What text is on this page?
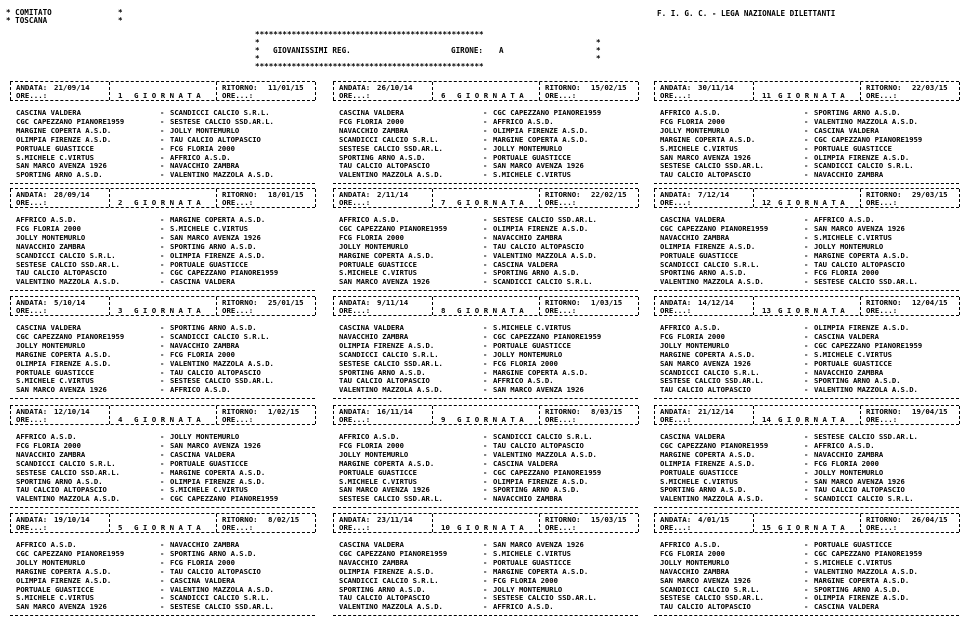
* COMITATO	*
* TOSCANA	*
F. I. G. C. - LEGA NAZIONALE DILETTANTI
**************************************************
*	*
*	*
*	*
**************************************************
GIOVANISSIMI REG.	GIRONE: A
ANDATA: 21/09/14
ORE...:
RITORNO: 11/01/15
ORE...:
1 G I O R N A T A
CASCINA VALDERA	- SCANDICCI CALCIO S.R.L.
CGC CAPEZZANO PIANORE1959	- SESTESE CALCIO SSD.AR.L.
MARGINE COPERTA A.S.D.	- JOLLY MONTEMURLO
OLIMPIA FIRENZE A.S.D.	- TAU CALCIO ALTOPASCIO
PORTUALE GUASTICCE	- FCG FLORIA 2000
S.MICHELE C.VIRTUS	- AFFRICO A.S.D.
SAN MARCO AVENZA 1926	- NAVACCHIO ZAMBRA
SPORTING ARNO A.S.D.	- VALENTINO MAZZOLA A.S.D.
ANDATA: 28/09/14
ORE...:
RITORNO: 18/01/15
ORE...:
2 G I O R N A T A
AFFRICO A.S.D.	- MARGINE COPERTA A.S.D.
FCG FLORIA 2000	- S.MICHELE C.VIRTUS
JOLLY MONTEMURLO	- SAN MARCO AVENZA 1926
NAVACCHIO ZAMBRA	- SPORTING ARNO A.S.D.
SCANDICCI CALCIO S.R.L.	- OLIMPIA FIRENZE A.S.D.
SESTESE CALCIO SSD.AR.L.	- PORTUALE GUASTICCE
TAU CALCIO ALTOPASCIO	- CGC CAPEZZANO PIANORE1959
VALENTINO MAZZOLA A.S.D.	- CASCINA VALDERA
ANDATA: 5/10/14
ORE...:
RITORNO: 25/01/15
ORE...:
3 G I O R N A T A
CASCINA VALDERA	- SPORTING ARNO A.S.D.
CGC CAPEZZANO PIANORE1959	- SCANDICCI CALCIO S.R.L.
JOLLY MONTEMURLO	- NAVACCHIO ZAMBRA
MARGINE COPERTA A.S.D.	- FCG FLORIA 2000
OLIMPIA FIRENZE A.S.D.	- VALENTINO MAZZOLA A.S.D.
PORTUALE GUASTICCE	- TAU CALCIO ALTOPASCIO
S.MICHELE C.VIRTUS	- SESTESE CALCIO SSD.AR.L.
SAN MARCO AVENZA 1926	- AFFRICO A.S.D.
ANDATA: 12/10/14
ORE...:
RITORNO: 1/02/15
ORE...:
4 G I O R N A T A
AFFRICO A.S.D.	- JOLLY MONTEMURLO
FCG FLORIA 2000	- SAN MARCO AVENZA 1926
NAVACCHIO ZAMBRA	- CASCINA VALDERA
SCANDICCI CALCIO S.R.L.	- PORTUALE GUASTICCE
SESTESE CALCIO SSD.AR.L.	- MARGINE COPERTA A.S.D.
SPORTING ARNO A.S.D.	- OLIMPIA FIRENZE A.S.D.
TAU CALCIO ALTOPASCIO	- S.MICHELE C.VIRTUS
VALENTINO MAZZOLA A.S.D.	- CGC CAPEZZANO PIANORE1959
ANDATA: 19/10/14
ORE...:
RITORNO: 8/02/15
ORE...:
5 G I O R N A T A
AFFRICO A.S.D.	- NAVACCHIO ZAMBRA
CGC CAPEZZANO PIANORE1959	- SPORTING ARNO A.S.D.
JOLLY MONTEMURLO	- FCG FLORIA 2000
MARGINE COPERTA A.S.D.	- TAU CALCIO ALTOPASCIO
OLIMPIA FIRENZE A.S.D.	- CASCINA VALDERA
PORTUALE GUASTICCE	- VALENTINO MAZZOLA A.S.D.
S.MICHELE C.VIRTUS	- SCANDICCI CALCIO S.R.L.
SAN MARCO AVENZA 1926	- SESTESE CALCIO SSD.AR.L.
ANDATA: 26/10/14
ORE...:
RITORNO: 15/02/15
ORE...:
6 G I O R N A T A
CASCINA VALDERA	- CGC CAPEZZANO PIANORE1959
FCG FLORIA 2000	- AFFRICO A.S.D.
NAVACCHIO ZAMBRA	- OLIMPIA FIRENZE A.S.D.
SCANDICCI CALCIO S.R.L.	- MARGINE COPERTA A.S.D.
SESTESE CALCIO SSD.AR.L.	- JOLLY MONTEMURLO
SPORTING ARNO A.S.D.	- PORTUALE GUASTICCE
TAU CALCIO ALTOPASCIO	- SAN MARCO AVENZA 1926
VALENTINO MAZZOLA A.S.D.	- S.MICHELE C.VIRTUS
ANDATA: 2/11/14
ORE...:
RITORNO: 22/02/15
ORE...:
7 G I O R N A T A
AFFRICO A.S.D.	- SESTESE CALCIO SSD.AR.L.
CGC CAPEZZANO PIANORE1959	- OLIMPIA FIRENZE A.S.D.
FCG FLORIA 2000	- NAVACCHIO ZAMBRA
JOLLY MONTEMURLO	- TAU CALCIO ALTOPASCIO
MARGINE COPERTA A.S.D.	- VALENTINO MAZZOLA A.S.D.
PORTUALE GUASTICCE	- CASCINA VALDERA
S.MICHELE C.VIRTUS	- SPORTING ARNO A.S.D.
SAN MARCO AVENZA 1926	- SCANDICCI CALCIO S.R.L.
ANDATA: 9/11/14
ORE...:
RITORNO: 1/03/15
ORE...:
8 G I O R N A T A
CASCINA VALDERA	- S.MICHELE C.VIRTUS
NAVACCHIO ZAMBRA	- CGC CAPEZZANO PIANORE1959
OLIMPIA FIRENZE A.S.D.	- PORTUALE GUASTICCE
SCANDICCI CALCIO S.R.L.	- JOLLY MONTEMURLO
SESTESE CALCIO SSD.AR.L.	- FCG FLORIA 2000
SPORTING ARNO A.S.D.	- MARGINE COPERTA A.S.D.
TAU CALCIO ALTOPASCIO	- AFFRICO A.S.D.
VALENTINO MAZZOLA A.S.D.	- SAN MARCO AVENZA 1926
ANDATA: 16/11/14
ORE...:
RITORNO: 8/03/15
ORE...:
9 G I O R N A T A
AFFRICO A.S.D.	- SCANDICCI CALCIO S.R.L.
FCG FLORIA 2000	- TAU CALCIO ALTOPASCIO
JOLLY MONTEMURLO	- VALENTINO MAZZOLA A.S.D.
MARGINE COPERTA A.S.D.	- CASCINA VALDERA
PORTUALE GUASTICCE	- CGC CAPEZZANO PIANORE1959
S.MICHELE C.VIRTUS	- OLIMPIA FIRENZE A.S.D.
SAN MARCO AVENZA 1926	- SPORTING ARNO A.S.D.
SESTESE CALCIO SSD.AR.L.	- NAVACCHIO ZAMBRA
ANDATA: 23/11/14
ORE...:
RITORNO: 15/03/15
ORE...:
10 G I O R N A T A
CASCINA VALDERA	- SAN MARCO AVENZA 1926
CGC CAPEZZANO PIANORE1959	- S.MICHELE C.VIRTUS
NAVACCHIO ZAMBRA	- PORTUALE GUASTICCE
OLIMPIA FIRENZE A.S.D.	- MARGINE COPERTA A.S.D.
SCANDICCI CALCIO S.R.L.	- FCG FLORIA 2000
SPORTING ARNO A.S.D.	- JOLLY MONTEMURLO
TAU CALCIO ALTOPASCIO	- SESTESE CALCIO SSD.AR.L.
VALENTINO MAZZOLA A.S.D.	- AFFRICO A.S.D.
ANDATA: 30/11/14
ORE...:
RITORNO: 22/03/15
ORE...:
11 G I O R N A T A
AFFRICO A.S.D.	- SPORTING ARNO A.S.D.
FCG FLORIA 2000	- VALENTINO MAZZOLA A.S.D.
JOLLY MONTEMURLO	- CASCINA VALDERA
MARGINE COPERTA A.S.D.	- CGC CAPEZZANO PIANORE1959
S.MICHELE C.VIRTUS	- PORTUALE GUASTICCE
SAN MARCO AVENZA 1926	- OLIMPIA FIRENZE A.S.D.
SESTESE CALCIO SSD.AR.L.	- SCANDICCI CALCIO S.R.L.
TAU CALCIO ALTOPASCIO	- NAVACCHIO ZAMBRA
ANDATA: 7/12/14
ORE...:
RITORNO: 29/03/15
ORE...:
12 G I O R N A T A
CASCINA VALDERA	- AFFRICO A.S.D.
CGC CAPEZZANO PIANORE1959	- SAN MARCO AVENZA 1926
NAVACCHIO ZAMBRA	- S.MICHELE C.VIRTUS
OLIMPIA FIRENZE A.S.D.	- JOLLY MONTEMURLO
PORTUALE GUASTICCE	- MARGINE COPERTA A.S.D.
SCANDICCI CALCIO S.R.L.	- TAU CALCIO ALTOPASCIO
SPORTING ARNO A.S.D.	- FCG FLORIA 2000
VALENTINO MAZZOLA A.S.D.	- SESTESE CALCIO SSD.AR.L.
ANDATA: 14/12/14
ORE...:
RITORNO: 12/04/15
ORE...:
13 G I O R N A T A
AFFRICO A.S.D.	- OLIMPIA FIRENZE A.S.D.
FCG FLORIA 2000	- CASCINA VALDERA
JOLLY MONTEMURLO	- CGC CAPEZZANO PIANORE1959
MARGINE COPERTA A.S.D.	- S.MICHELE C.VIRTUS
SAN MARCO AVENZA 1926	- PORTUALE GUASTICCE
SCANDICCI CALCIO S.R.L.	- NAVACCHIO ZAMBRA
SESTESE CALCIO SSD.AR.L.	- SPORTING ARNO A.S.D.
TAU CALCIO ALTOPASCIO	- VALENTINO MAZZOLA A.S.D.
ANDATA: 21/12/14
ORE...:
RITORNO: 19/04/15
ORE...:
14 G I O R N A T A
CASCINA VALDERA	- SESTESE CALCIO SSD.AR.L.
CGC CAPEZZANO PIANORE1959	- AFFRICO A.S.D.
MARGINE COPERTA A.S.D.	- NAVACCHIO ZAMBRA
OLIMPIA FIRENZE A.S.D.	- FCG FLORIA 2000
PORTUALE GUASTICCE	- JOLLY MONTEMURLO
S.MICHELE C.VIRTUS	- SAN MARCO AVENZA 1926
SPORTING ARNO A.S.D.	- TAU CALCIO ALTOPASCIO
VALENTINO MAZZOLA A.S.D.	- SCANDICCI CALCIO S.R.L.
ANDATA: 4/01/15
ORE...:
RITORNO: 26/04/15
ORE...:
15 G I O R N A T A
AFFRICO A.S.D.	- PORTUALE GUASTICCE
FCG FLORIA 2000	- CGC CAPEZZANO PIANORE1959
JOLLY MONTEMURLO	- S.MICHELE C.VIRTUS
NAVACCHIO ZAMBRA	- VALENTINO MAZZOLA A.S.D.
SAN MARCO AVENZA 1926	- MARGINE COPERTA A.S.D.
SCANDICCI CALCIO S.R.L.	- SPORTING ARNO A.S.D.
SESTESE CALCIO SSD.AR.L.	- OLIMPIA FIRENZE A.S.D.
TAU CALCIO ALTOPASCIO	- CASCINA VALDERA
